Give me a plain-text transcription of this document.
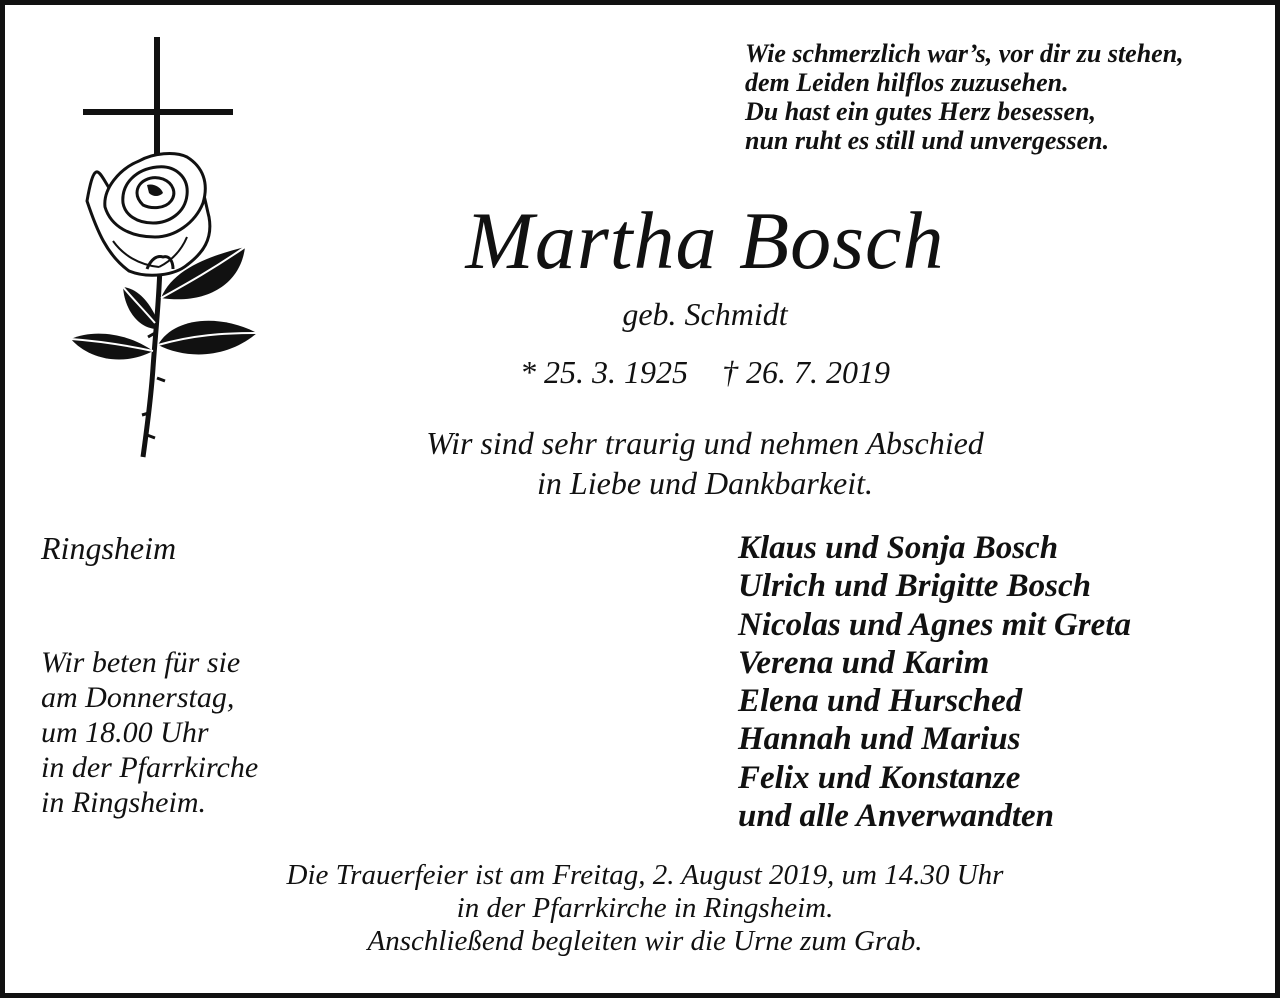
Wie schmerzlich war’s, vor dir zu stehen,
dem Leiden hilflos zuzusehen.
Du hast ein gutes Herz besessen,
nun ruht es still und unvergessen.
Martha Bosch
geb. Schmidt
* 25. 3. 1925 † 26. 7. 2019
Wir sind sehr traurig und nehmen Abschied
in Liebe und Dankbarkeit.
Ringsheim
Wir beten für sie
am Donnerstag,
um 18.00 Uhr
in der Pfarrkirche
in Ringsheim.
Klaus und Sonja Bosch
Ulrich und Brigitte Bosch
Nicolas und Agnes mit Greta
Verena und Karim
Elena und Hursched
Hannah und Marius
Felix und Konstanze
und alle Anverwandten
Die Trauerfeier ist am Freitag, 2. August 2019, um 14.30 Uhr
in der Pfarrkirche in Ringsheim.
Anschließend begleiten wir die Urne zum Grab.
